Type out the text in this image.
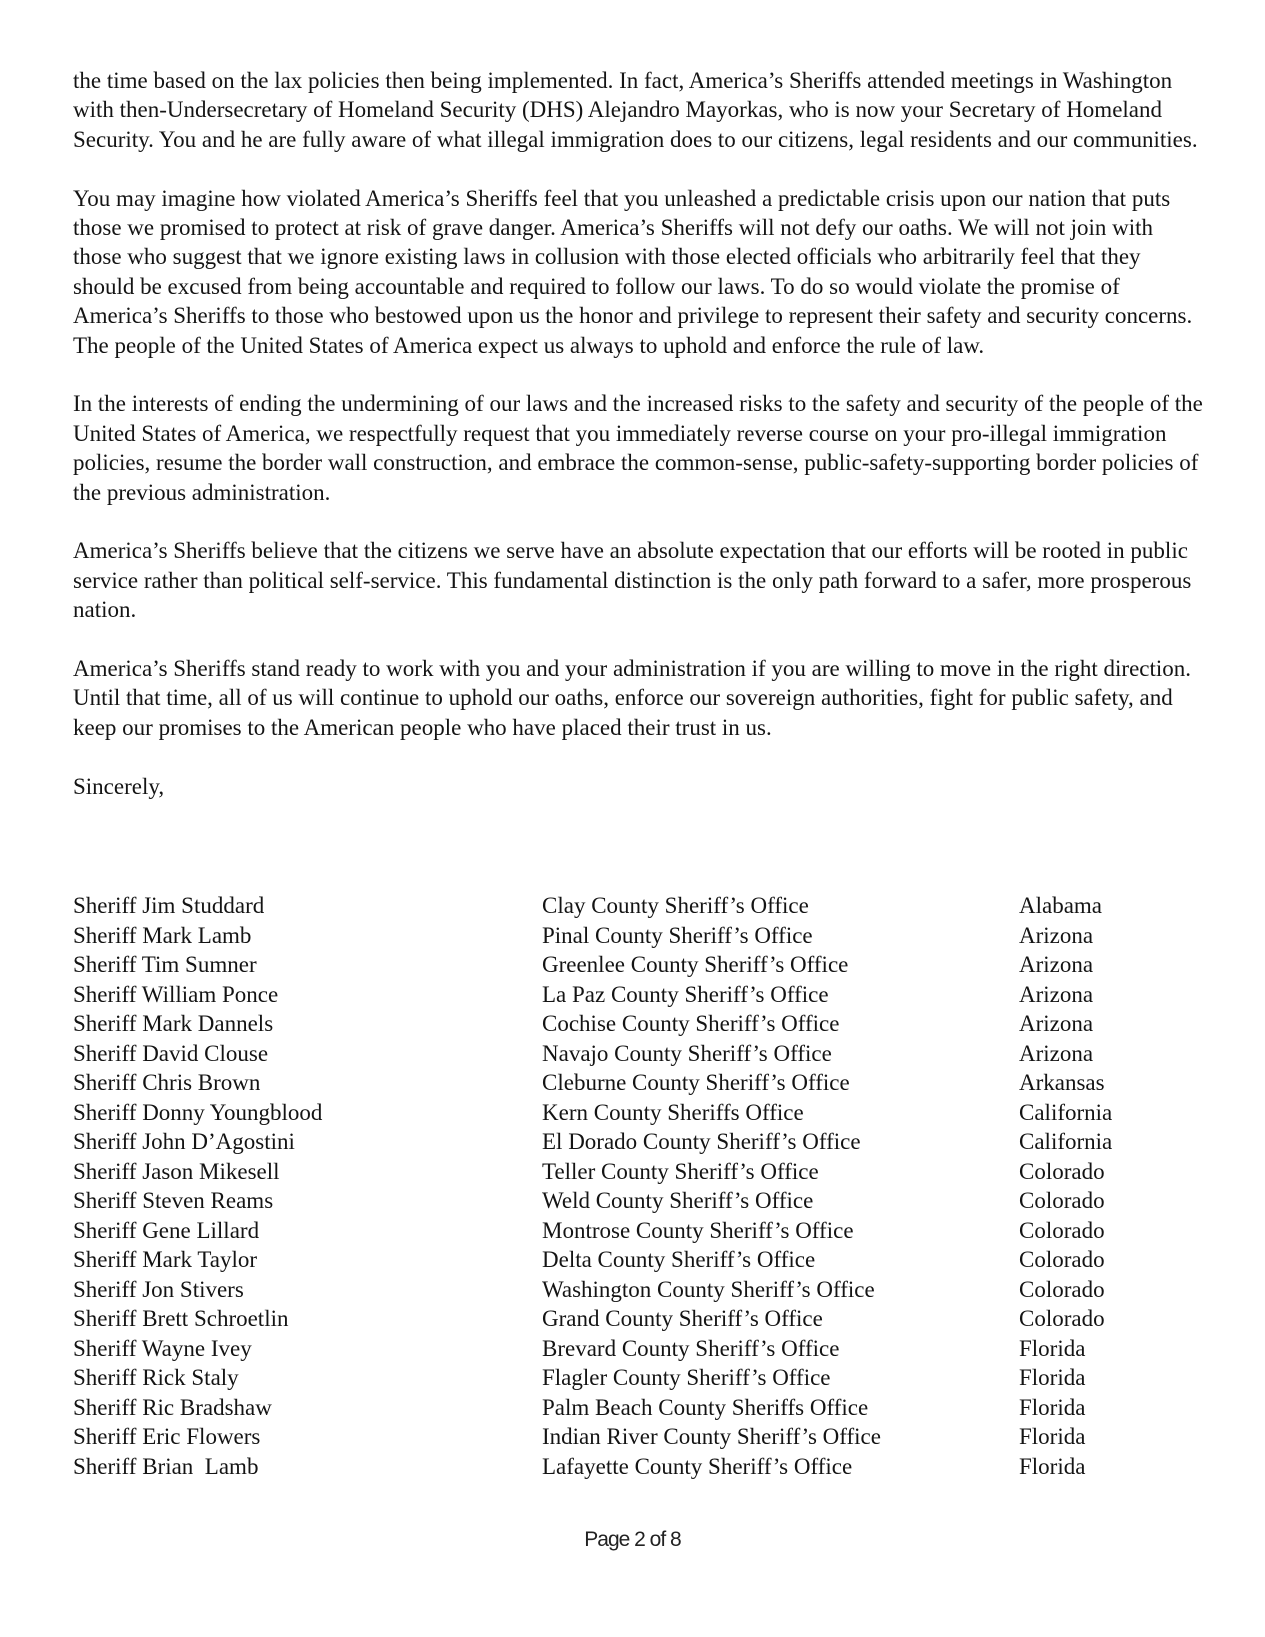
the time based on the lax policies then being implemented. In fact, America’s Sheriffs attended meetings in Washington with then-Undersecretary of Homeland Security (DHS) Alejandro Mayorkas, who is now your Secretary of Homeland Security. You and he are fully aware of what illegal immigration does to our citizens, legal residents and our communities.

You may imagine how violated America’s Sheriffs feel that you unleashed a predictable crisis upon our nation that puts those we promised to protect at risk of grave danger. America’s Sheriffs will not defy our oaths. We will not join with those who suggest that we ignore existing laws in collusion with those elected officials who arbitrarily feel that they should be excused from being accountable and required to follow our laws. To do so would violate the promise of America’s Sheriffs to those who bestowed upon us the honor and privilege to represent their safety and security concerns. The people of the United States of America expect us always to uphold and enforce the rule of law.

In the interests of ending the undermining of our laws and the increased risks to the safety and security of the people of the United States of America, we respectfully request that you immediately reverse course on your pro-illegal immigration policies, resume the border wall construction, and embrace the common-sense, public-safety-supporting border policies of the previous administration.

America’s Sheriffs believe that the citizens we serve have an absolute expectation that our efforts will be rooted in public service rather than political self-service. This fundamental distinction is the only path forward to a safer, more prosperous nation.

America’s Sheriffs stand ready to work with you and your administration if you are willing to move in the right direction. Until that time, all of us will continue to uphold our oaths, enforce our sovereign authorities, fight for public safety, and keep our promises to the American people who have placed their trust in us.

Sincerely,

Sheriff Jim Studdard	Clay County Sheriff’s Office	Alabama
Sheriff Mark Lamb	Pinal County Sheriff’s Office	Arizona
Sheriff Tim Sumner	Greenlee County Sheriff’s Office	Arizona
Sheriff William Ponce	La Paz County Sheriff’s Office	Arizona
Sheriff Mark Dannels	Cochise County Sheriff’s Office	Arizona
Sheriff David Clouse	Navajo County Sheriff’s Office	Arizona
Sheriff Chris Brown	Cleburne County Sheriff’s Office	Arkansas
Sheriff Donny Youngblood	Kern County Sheriffs Office	California
Sheriff John D’Agostini	El Dorado County Sheriff’s Office	California
Sheriff Jason Mikesell	Teller County Sheriff’s Office	Colorado
Sheriff Steven Reams	Weld County Sheriff’s Office	Colorado
Sheriff Gene Lillard	Montrose County Sheriff’s Office	Colorado
Sheriff Mark Taylor	Delta County Sheriff’s Office	Colorado
Sheriff Jon Stivers	Washington County Sheriff’s Office	Colorado
Sheriff Brett Schroetlin	Grand County Sheriff’s Office	Colorado
Sheriff Wayne Ivey	Brevard County Sheriff’s Office	Florida
Sheriff Rick Staly	Flagler County Sheriff’s Office	Florida
Sheriff Ric Bradshaw	Palm Beach County Sheriffs Office	Florida
Sheriff Eric Flowers	Indian River County Sheriff’s Office	Florida
Sheriff Brian  Lamb	Lafayette County Sheriff’s Office	Florida
Page 2 of 8
